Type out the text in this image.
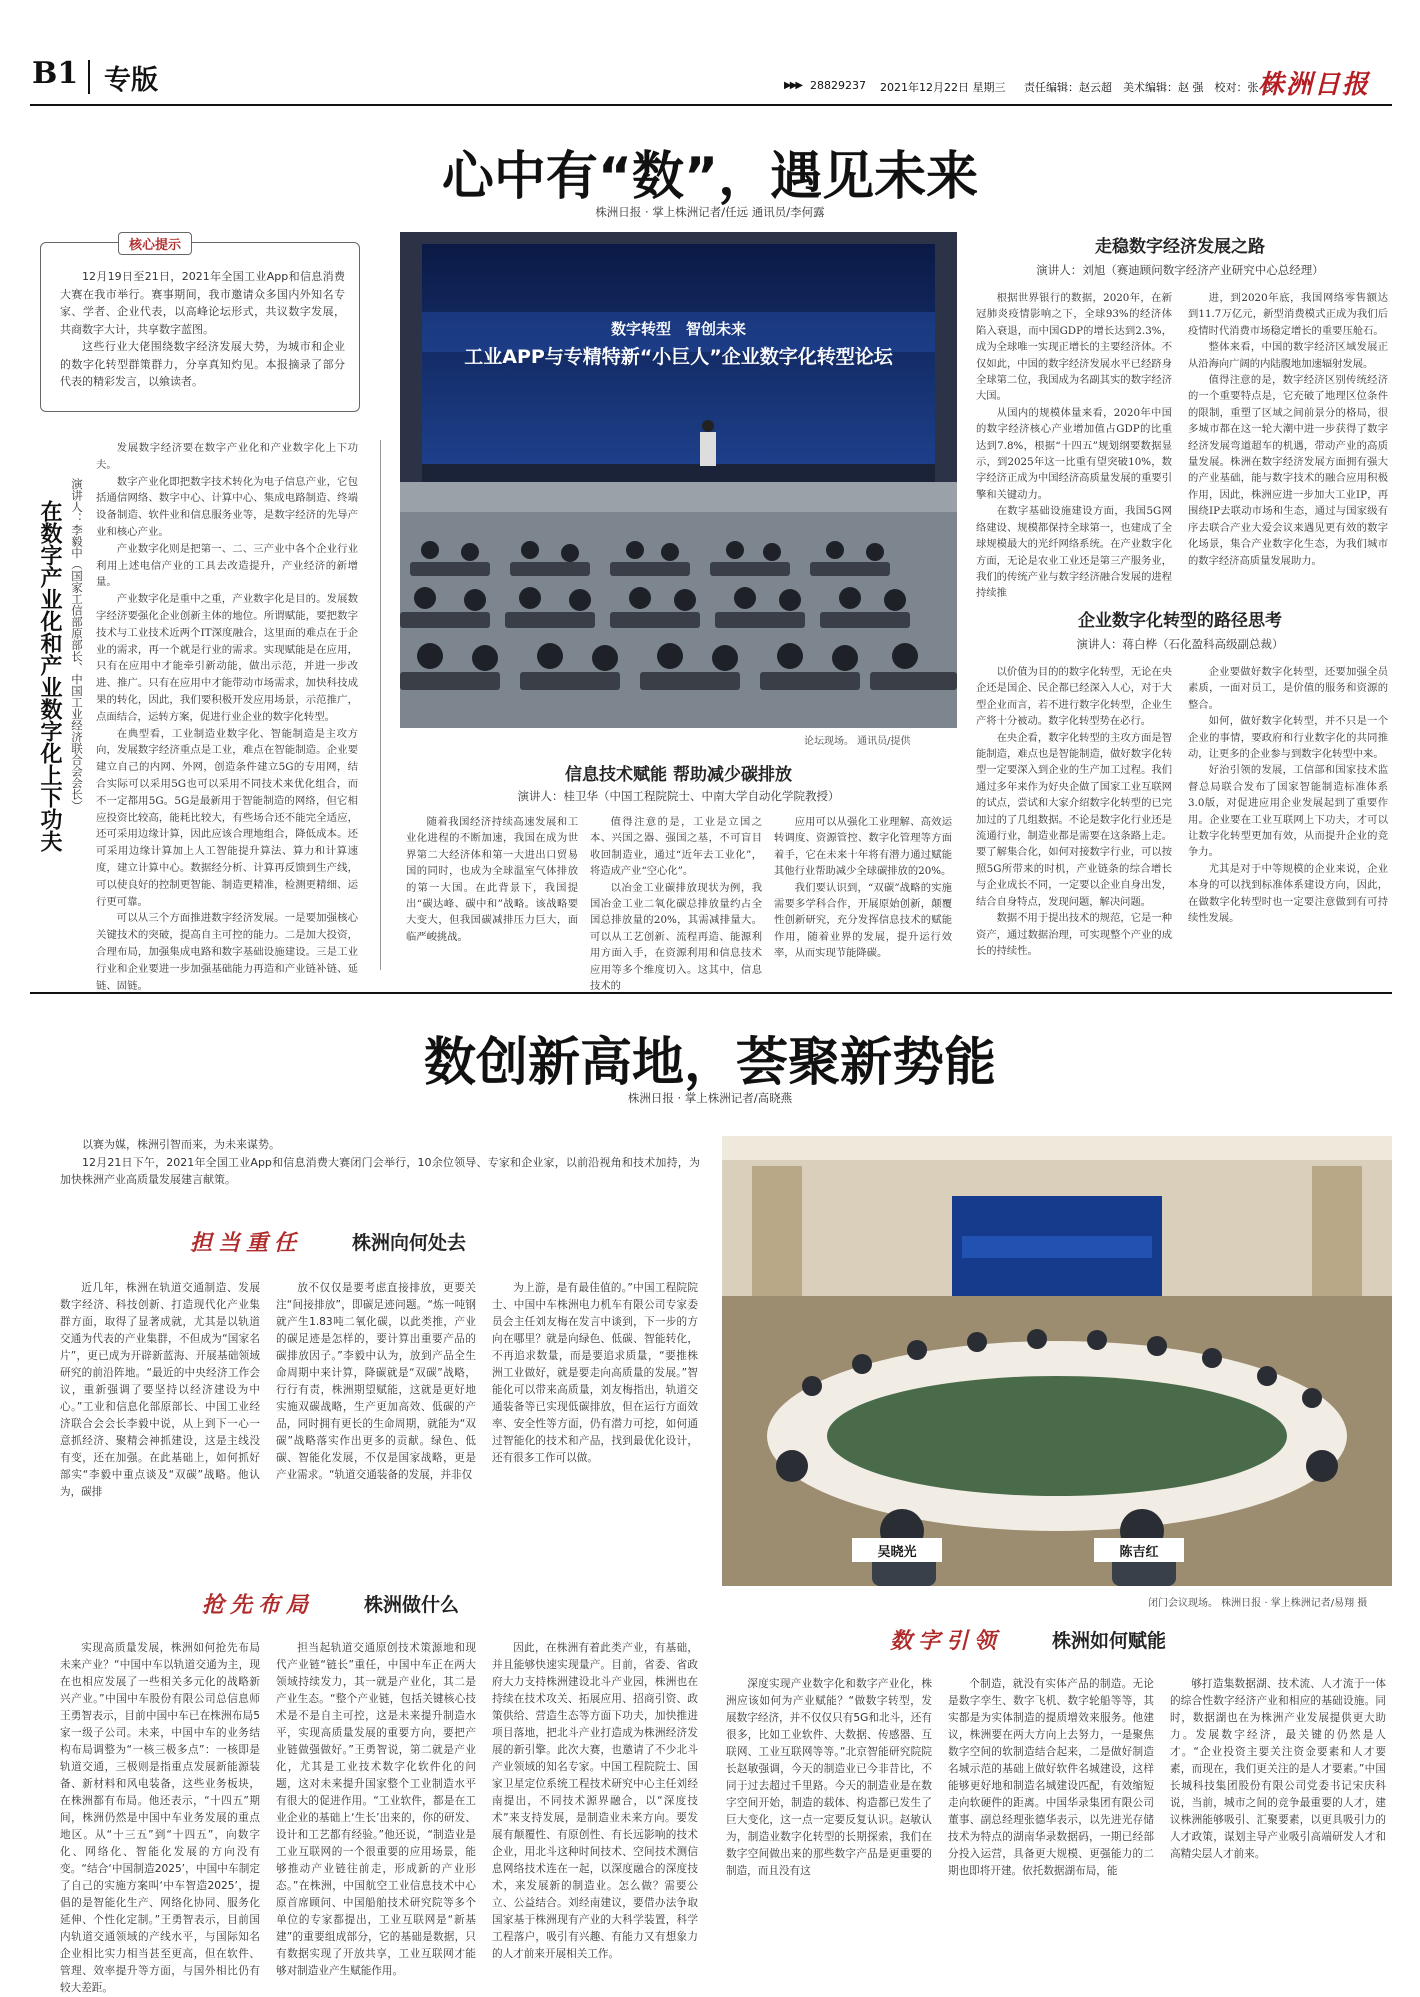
B1 专版	▶▶▶ 28829237 2021年12月22日 星期三 责任编辑：赵云超　美术编辑：赵 强　校对：张 武
株洲日报
心中有“数”，遇见未来
株洲日报 · 掌上株洲记者/任远 通讯员/李何露
核心提示

12月19日至21日，2021年全国工业App和信息消费大赛在我市举行。赛事期间，我市邀请众多国内外知名专家、学者、企业代表，以高峰论坛形式，共议数字发展，共商数字大计，共享数字蓝图。

这些行业大佬围绕数字经济发展大势，为城市和企业的数字化转型群策群力，分享真知灼见。本报摘录了部分代表的精彩发言，以飨读者。

在数字产业化和产业数字化上下功夫 演讲人：李毅中（国家工信部原部长、中国工业经济联合会会长）

发展数字经济要在数字产业化和产业数字化上下功夫。

数字产业化即把数字技术转化为电子信息产业，它包括通信网络、数字中心、计算中心、集成电路制造、终端设备制造、软件业和信息服务业等，是数字经济的先导产业和核心产业。

产业数字化则是把第一、二、三产业中各个企业行业利用上述电信产业的工具去改造提升，产业经济的新增量。

产业数字化是重中之重，产业数字化是目的。发展数字经济要强化企业创新主体的地位。所谓赋能，要把数字技术与工业技术近两个IT深度融合，这里面的难点在于企业的需求，再一个就是行业的需求。实现赋能是在应用，只有在应用中才能牵引新动能，做出示范，并进一步改进、推广。只有在应用中才能带动市场需求，加快科技成果的转化，因此，我们要积极开发应用场景，示范推广，点面结合，运转方案，促进行业企业的数字化转型。

在典型看，工业制造业数字化、智能制造是主攻方向，发展数字经济重点是工业，难点在智能制造。企业要建立自己的内网、外网，创造条件建立5G的专用网，结合实际可以采用5G也可以采用不同技术来优化组合，而不一定都用5G。5G是最新用于智能制造的网络，但它相应投资比较高，能耗比较大，有些场合还不能完全适应，还可采用边缘计算，因此应该合理地组合，降低成本。还可采用边缘计算加上人工智能提升算法、算力和计算速度，建立计算中心。数据经分析、计算再反馈到生产线，可以使良好的控制更智能、制造更精准，检测更精细、运行更可靠。

可以从三个方面推进数字经济发展。一是要加强核心关键技术的突破，提高自主可控的能力。二是加大投资，合理布局，加强集成电路和数字基础设施建设。三是工业行业和企业要进一步加强基础能力再造和产业链补链、延链、固链。

数字转型　智创未来
工业APP与专精特新“小巨人”企业数字化转型论坛
论坛现场。 通讯员/提供
走稳数字经济发展之路
演讲人：刘旭（赛迪顾问数字经济产业研究中心总经理）

根据世界银行的数据，2020年，在新冠肺炎疫情影响之下，全球93%的经济体陷入衰退，而中国GDP的增长达到2.3%，成为全球唯一实现正增长的主要经济体。不仅如此，中国的数字经济发展水平已经跻身全球第二位，我国成为名副其实的数字经济大国。

从国内的规模体量来看，2020年中国的数字经济核心产业增加值占GDP的比重达到7.8%，根据“十四五”规划纲要数据显示，到2025年这一比重有望突破10%，数字经济正成为中国经济高质量发展的重要引擎和关键动力。

在数字基础设施建设方面，我国5G网络建设、规模都保持全球第一，也建成了全球规模最大的光纤网络系统。在产业数字化方面，无论是农业工业还是第三产服务业，我们的传统产业与数字经济融合发展的进程持续推

进，到2020年底，我国网络零售额达到11.7万亿元，新型消费模式正成为我们后疫情时代消费市场稳定增长的重要压舱石。

整体来看，中国的数字经济区域发展正从沿海向广阔的内陆腹地加速辐射发展。

值得注意的是，数字经济区别传统经济的一个重要特点是，它充破了地理区位条件的限制，重塑了区域之间前景分的格局，很多城市都在这一轮大潮中进一步获得了数字经济发展弯道超车的机遇，带动产业的高质量发展。株洲在数字经济发展方面拥有强大的产业基础，能与数字技术的融合应用积极作用，因此，株洲应进一步加大工业IP，再围绕IP去联动市场和生态，通过与国家级有序去联合产业大爱会议来遇见更有效的数字化场景，集合产业数字化生态，为我们城市的数字经济高质量发展助力。

企业数字化转型的路径思考
演讲人：蒋白桦（石化盈科高级副总裁）

以价值为目的的数字化转型，无论在央企还是国企、民企都已经深入人心，对于大型企业而言，若不进行数字化转型，企业生产将十分被动。数字化转型势在必行。

在央企看，数字化转型的主攻方面是智能制造，难点也是智能制造，做好数字化转型一定要深入到企业的生产加工过程。我们通过多年来作为好央企做了国家工业互联网的试点，尝试和大家介绍数字化转型的已完加过的了几组数据。不论是数字化行业还是流通行业，制造业都是需要在这条路上走。要了解集合化，如何对接数字行业，可以按照5G所带来的时机，产业链条的综合增长与企业成长不同，一定要以企业自身出发，结合自身特点，发现问题，解决问题。

数据不用于提出技术的规范，它是一种资产，通过数据治理，可实现整个产业的成长的持续性。

企业要做好数字化转型，还要加强全员素质，一面对员工，是价值的服务和资源的整合。

如何，做好数字化转型，并不只是一个企业的事情，要政府和行业数字化的共同推动，让更多的企业参与到数字化转型中来。

好治引领的发展，工信部和国家技术监督总局联合发布了国家智能制造标准体系3.0版，对促进应用企业发展起到了重要作用。企业要在工业互联网上下功夫，才可以让数字化转型更加有效，从而提升企业的竞争力。

尤其是对于中等规模的企业来说，企业本身的可以找到标准体系建设方向，因此，在做数字化转型时也一定要注意做到有可持续性发展。

信息技术赋能 帮助减少碳排放
演讲人：桂卫华（中国工程院院士、中南大学自动化学院教授）

随着我国经济持续高速发展和工业化进程的不断加速，我国在成为世界第二大经济体和第一大进出口贸易国的同时，也成为全球温室气体排放的第一大国。在此背景下，我国提出“碳达峰、碳中和”战略。该战略要大变大，但我国碳减排压力巨大，面临严峻挑战。

值得注意的是，工业是立国之本、兴国之器、强国之基，不可盲目收回制造业，通过“近年去工业化”，将造成产业“空心化”。

以冶金工业碳排放现状为例，我国冶金工业二氧化碳总排放量约占全国总排放量的20%，其需减排量大。可以从工艺创新、流程再造、能源利用方面入手，在资源利用和信息技术应用等多个维度切入。这其中，信息技术的

应用可以从强化工业理解、高效运转调度、资源管控、数字化管理等方面着手，它在未来十年将有潜力通过赋能其他行业帮助减少全球碳排放的20%。

我们要认识到，“双碳”战略的实施需要多学科合作，开展原始创新，颠覆性创新研究，充分发挥信息技术的赋能作用，随着业界的发展，提升运行效率，从而实现节能降碳。

数创新高地，荟聚新势能
株洲日报 · 掌上株洲记者/高晓燕

以赛为媒，株洲引智而来，为未来谋势。

12月21日下午，2021年全国工业App和信息消费大赛闭门会举行，10余位领导、专家和企业家，以前沿视角和技术加持，为加快株洲产业高质量发展建言献策。

担当重任	株洲向何处去

近几年，株洲在轨道交通制造、发展数字经济、科技创新、打造现代化产业集群方面，取得了显著成就，尤其是以轨道交通为代表的产业集群，不但成为“国家名片”，更已成为开辟新蓝海、开展基础领域研究的前沿阵地。“最近的中央经济工作会议，重新强调了要坚持以经济建设为中心。”工业和信息化部原部长、中国工业经济联合会会长李毅中说，从上到下一心一意抓经济、聚精会神抓建设，这是主线没有变，还在加强。在此基础上，如何抓好部实“李毅中重点谈及“双碳”战略。他认为，碳排

放不仅仅是要考虑直接排放，更要关注“间接排放”，即碳足迹问题。“炼一吨钢就产生1.83吨二氧化碳，以此类推，产业的碳足迹是怎样的，要计算出重要产品的碳排放因子。”李毅中认为，放到产品全生命周期中来计算，降碳就是“双碳”战略，行行有责，株洲期望赋能，这就是更好地实施双碳战略，生产更加高效、低碳的产品，同时拥有更长的生命周期，就能为“双碳”战略落实作出更多的贡献。绿色、低碳、智能化发展，不仅是国家战略，更是产业需求。“轨道交通装备的发展，并非仅

为上游，是有最佳值的。”中国工程院院士、中国中车株洲电力机车有限公司专家委员会主任刘友梅在发言中谈到，下一步的方向在哪里？就是向绿色、低碳、智能转化，不再追求数量，而是要追求质量，“要推株洲工业做好，就是要走向高质量的发展。”智能化可以带来高质量，刘友梅指出，轨道交通装备等已实现低碳排放，但在运行方面效率、安全性等方面，仍有潜力可挖，如何通过智能化的技术和产品，找到最优化设计，还有很多工作可以做。

抢先布局	株洲做什么

实现高质量发展，株洲如何抢先布局未来产业？“中国中车以轨道交通为主，现在也相应发展了一些相关多元化的战略新兴产业。”中国中车股份有限公司总信息师王勇智表示，目前中国中车已在株洲布局5家一级子公司。未来，中国中车的业务结构布局调整为“一核三极多点”：一核即是轨道交通，三极则是指重点发展新能源装备、新材料和风电装备，这些业务板块，在株洲都有布局。他还表示，“十四五”期间，株洲仍然是中国中车业务发展的重点地区。从“十三五”到“十四五”，向数字化、网络化、智能化发展的方向没有变。“结合‘中国制造2025’，中国中车制定了自己的实施方案叫‘中车智造2025’，提倡的是智能化生产、网络化协同、服务化延伸、个性化定制。”王勇智表示，目前国内轨道交通领域的产线水平，与国际知名企业相比实力相当甚至更高，但在软件、管理、效率提升等方面，与国外相比仍有较大差距。

担当起轨道交通原创技术策源地和现代产业链“链长”重任，中国中车正在两大领域持续发力，其一就是产业化，其二是产业生态。“整个产业链，包括关键核心技术是不是自主可控，这是未来提升制造水平，实现高质量发展的重要方向，要把产业链做强做好。”王勇智说，第二就是产业化，尤其是工业技术数字化软件化的问题，这对未来提升国家整个工业制造水平有很大的促进作用。“工业软件，都是在工业企业的基础上‘生长’出来的，你的研发、设计和工艺都有经验。”他还说，“制造业是工业互联网的一个很重要的应用场景，能够推动产业链往前走，形成新的产业形态。”在株洲，中国航空工业信息技术中心原首席顾问、中国船舶技术研究院等多个单位的专家都提出，工业互联网是“新基建”的重要组成部分，它的基础是数据，只有数据实现了开放共享，工业互联网才能够对制造业产生赋能作用。

因此，在株洲有着此类产业，有基础，并且能够快速实现量产。目前，省委、省政府大力支持株洲建设北斗产业园，株洲也在持续在技术攻关、拓展应用、招商引资、政策供给、营造生态等方面下功夫，加快推进项目落地，把北斗产业打造成为株洲经济发展的新引擎。此次大赛，也邀请了不少北斗产业领域的知名专家。中国工程院院士、国家卫星定位系统工程技术研究中心主任刘经南提出，不同技术源界融合，以“深度技术”来支持发展，是制造业未来方向。要发展有颠覆性、有原创性、有长远影响的技术企业，用北斗这种时间技术、空间技术测信息网络技术连在一起，以深度融合的深度技术，来发展新的制造业。怎么做？需要公立、公益结合。刘经南建议，要借办法争取国家基于株洲现有产业的大科学装置，科学工程落户，吸引有兴趣、有能力又有想象力的人才前来开展相关工作。

吴晓光	陈吉红
闭门会议现场。 株洲日报 · 掌上株洲记者/易翔 摄
数字引领	株洲如何赋能

深度实现产业数字化和数字产业化，株洲应该如何为产业赋能？“做数字转型，发展数字经济，并不仅仅只有5G和北斗，还有很多，比如工业软件、大数据、传感器、互联网、工业互联网等等。”北京智能研究院院长赵敏强调，今天的制造业已今非昔比，不同于过去超过千里路。今天的制造业是在数字空间开始，制造的载体、构造都已发生了巨大变化，这一点一定要反复认识。赵敏认为，制造业数字化转型的长期探索，我们在数字空间做出来的那些数字产品是更重要的制造，而且没有这

个制造，就没有实体产品的制造。无论是数字孪生、数字飞机、数字轮船等等，其实都是为实体制造的提质增效来服务。他建议，株洲要在两大方向上去努力，一是聚焦数字空间的软制造结合起来，二是做好制造名城示范的基础上做好软件名城建设，这样能够更好地和制造名城建设匹配，有效缩短走向软硬件的距离。中国华录集团有限公司董事、副总经理张德华表示，以先进光存储技术为特点的湖南华录数据码，一期已经部分投入运营，具备更大规模、更强能力的二期也即将开建。依托数据湖布局，能

够打造集数据湖、技术流、人才流于一体的综合性数字经济产业和相应的基础设施。同时，数据湖也在为株洲产业发展提供更大助力。发展数字经济，最关键的仍然是人才。“企业投资主要关注资金要素和人才要素，而现在，我们更关注的是人才要素。”中国长城科技集团股份有限公司党委书记宋庆科说，当前，城市之间的竞争最重要的人才，建议株洲能够吸引、汇聚要素，以更具吸引力的人才政策，谋划主导产业吸引高端研发人才和高精尖层人才前来。
